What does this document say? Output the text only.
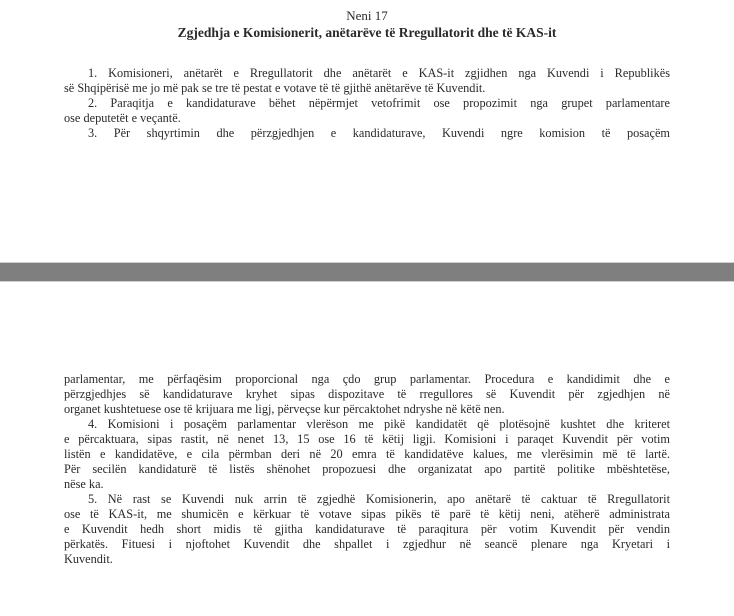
Neni 17
Zgjedhja e Komisionerit, anëtarëve të Rregullatorit dhe të KAS-it
1. Komisioneri, anëtarët e Rregullatorit dhe anëtarët e KAS-it zgjidhen nga Kuvendi i Republikës
së Shqipërisë me jo më pak se tre të pestat e votave të të gjithë anëtarëve të Kuvendit.
2. Paraqitja e kandidaturave bëhet nëpërmjet vetofrimit ose propozimit nga grupet parlamentare
ose deputetët e veçantë.
3. Për shqyrtimin dhe përzgjedhjen e kandidaturave, Kuvendi ngre komision të posaçëm
parlamentar, me përfaqësim proporcional nga çdo grup parlamentar. Procedura e kandidimit dhe e
përzgjedhjes së kandidaturave kryhet sipas dispozitave të rregullores së Kuvendit për zgjedhjen në
organet kushtetuese ose të krijuara me ligj, përveçse kur përcaktohet ndryshe në këtë nen.
4. Komisioni i posaçëm parlamentar vlerëson me pikë kandidatët që plotësojnë kushtet dhe kriteret
e përcaktuara, sipas rastit, në nenet 13, 15 ose 16 të këtij ligji. Komisioni i paraqet Kuvendit për votim
listën e kandidatëve, e cila përmban deri në 20 emra të kandidatëve kalues, me vlerësimin më të lartë.
Për secilën kandidaturë të listës shënohet propozuesi dhe organizatat apo partitë politike mbështetëse,
nëse ka.
5. Në rast se Kuvendi nuk arrin të zgjedhë Komisionerin, apo anëtarë të caktuar të Rregullatorit
ose të KAS-it, me shumicën e kërkuar të votave sipas pikës të parë të këtij neni, atëherë administrata
e Kuvendit hedh short midis të gjitha kandidaturave të paraqitura për votim Kuvendit për vendin
përkatës. Fituesi i njoftohet Kuvendit dhe shpallet i zgjedhur në seancë plenare nga Kryetari i
Kuvendit.
